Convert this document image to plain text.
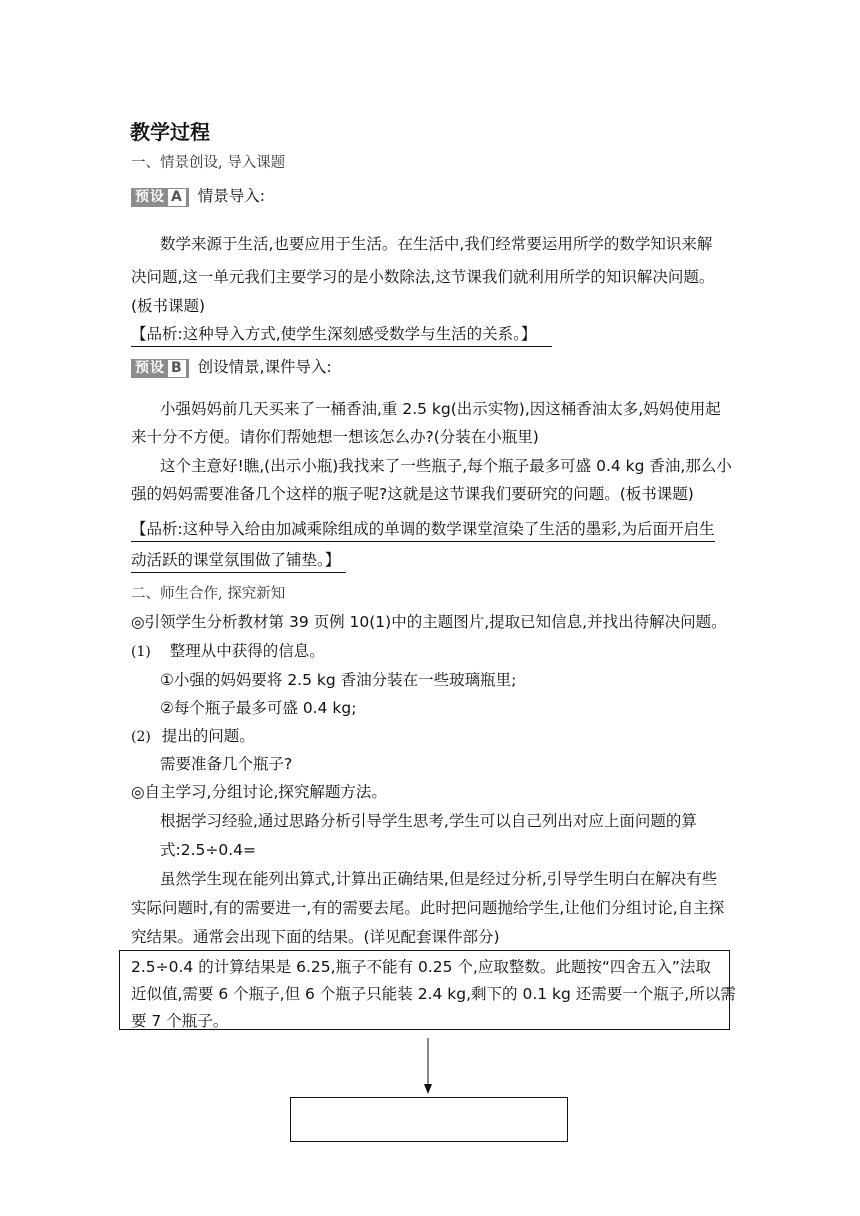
教学过程
一、情景创设, 导入课题
预设 A 情景导入:
数学来源于生活,也要应用于生活。在生活中,我们经常要运用所学的数学知识来解
决问题,这一单元我们主要学习的是小数除法,这节课我们就利用所学的知识解决问题。
(板书课题)
【品析:这种导入方式,使学生深刻感受数学与生活的关系。】
预设 B 创设情景,课件导入:
小强妈妈前几天买来了一桶香油,重 2.5 kg(出示实物),因这桶香油太多,妈妈使用起
来十分不方便。请你们帮她想一想该怎么办?(分装在小瓶里)
这个主意好!瞧,(出示小瓶)我找来了一些瓶子,每个瓶子最多可盛 0.4 kg 香油,那么小
强的妈妈需要准备几个这样的瓶子呢?这就是这节课我们要研究的问题。(板书课题)
【品析:这种导入给由加减乘除组成的单调的数学课堂渲染了生活的墨彩,为后面开启生
动活跃的课堂氛围做了铺垫。】
二、师生合作, 探究新知
◎引领学生分析教材第 39 页例 10(1)中的主题图片,提取已知信息,并找出待解决问题。
(1) 整理从中获得的信息。
①小强的妈妈要将 2.5 kg 香油分装在一些玻璃瓶里;
②每个瓶子最多可盛 0.4 kg;
(2) 提出的问题。
需要准备几个瓶子?
◎自主学习,分组讨论,探究解题方法。
根据学习经验,通过思路分析引导学生思考,学生可以自己列出对应上面问题的算
式:2.5÷0.4=
虽然学生现在能列出算式,计算出正确结果,但是经过分析,引导学生明白在解决有些
实际问题时,有的需要进一,有的需要去尾。此时把问题抛给学生,让他们分组讨论,自主探
究结果。通常会出现下面的结果。(详见配套课件部分)
2.5÷0.4 的计算结果是 6.25,瓶子不能有 0.25 个,应取整数。此题按“四舍五入”法取
近似值,需要 6 个瓶子,但 6 个瓶子只能装 2.4 kg,剩下的 0.1 kg 还需要一个瓶子,所以需
要 7 个瓶子。
